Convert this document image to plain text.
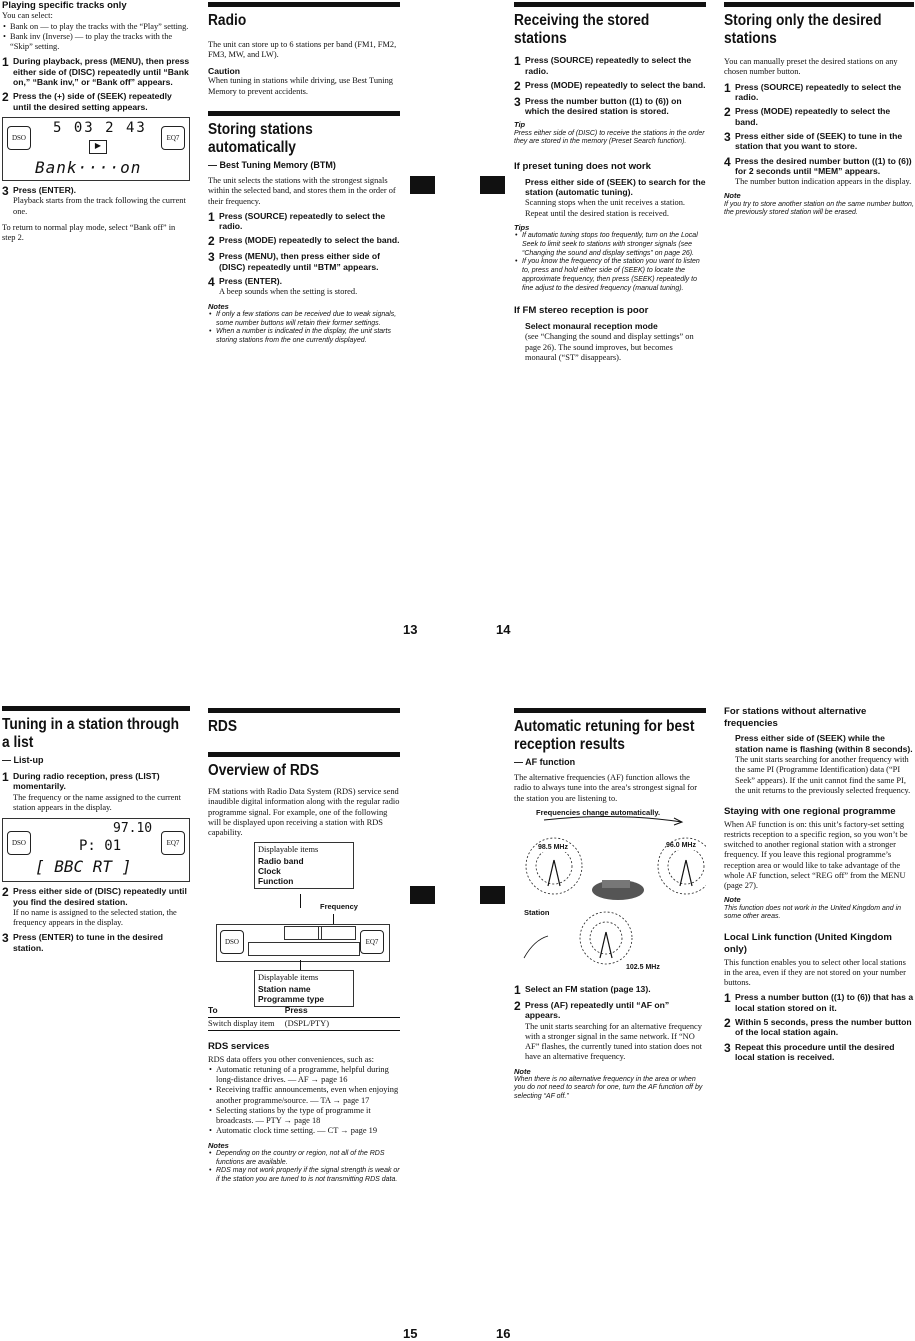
Playing specific tracks only

You can select:

• Bank on — to play the tracks with the “Play” setting.
• Bank inv (Inverse) — to play the tracks with the “Skip” setting.
1 During playback, press (MENU), then press either side of (DISC) repeatedly until “Bank on,” “Bank inv,” or “Bank off” appears.
2 Press the (+) side of (SEEK) repeatedly until the desired setting appears.
DSO	EQ7
5 03 2 43
▶
Bank····on
3 Press (ENTER).
Playback starts from the track following the current one.

To return to normal play mode, select “Bank off” in step 2.

Radio

The unit can store up to 6 stations per band (FM1, FM2, FM3, MW, and LW).

Caution

When tuning in stations while driving, use Best Tuning Memory to prevent accidents.

Storing stations automatically
— Best Tuning Memory (BTM)

The unit selects the stations with the strongest signals within the selected band, and stores them in the order of their frequency.

1 Press (SOURCE) repeatedly to select the radio.
2 Press (MODE) repeatedly to select the band.
3 Press (MENU), then press either side of (DISC) repeatedly until “BTM” appears.
4 Press (ENTER).
A beep sounds when the setting is stored.
Notes
• If only a few stations can be received due to weak signals, some number buttons will retain their former settings.
• When a number is indicated in the display, the unit starts storing stations from the one currently displayed.
Receiving the stored stations
1 Press (SOURCE) repeatedly to select the radio.
2 Press (MODE) repeatedly to select the band.
3 Press the number button ((1) to (6)) on which the desired station is stored.
Tip
Press either side of (DISC) to receive the stations in the order they are stored in the memory (Preset Search function).
If preset tuning does not work
Press either side of (SEEK) to search for the station (automatic tuning).
Scanning stops when the unit receives a station. Repeat until the desired station is received.
Tips
• If automatic tuning stops too frequently, turn on the Local Seek to limit seek to stations with stronger signals (see “Changing the sound and display settings” on page 26).
• If you know the frequency of the station you want to listen to, press and hold either side of (SEEK) to locate the approximate frequency, then press (SEEK) repeatedly to fine adjust to the desired frequency (manual tuning).
If FM stereo reception is poor
Select monaural reception mode
(see “Changing the sound and display settings” on page 26). The sound improves, but becomes monaural (“ST” disappears).
Storing only the desired stations

You can manually preset the desired stations on any chosen number button.

1 Press (SOURCE) repeatedly to select the radio.
2 Press (MODE) repeatedly to select the band.
3 Press either side of (SEEK) to tune in the station that you want to store.
4 Press the desired number button ((1) to (6)) for 2 seconds until “MEM” appears.
The number button indication appears in the display.
Note
If you try to store another station on the same number button, the previously stored station will be erased.
13	14
Tuning in a station through a list
— List-up
1 During radio reception, press (LIST) momentarily.
The frequency or the name assigned to the current station appears in the display.
DSO	EQ7
97.10
P: 01
[ BBC RT ]
2 Press either side of (DISC) repeatedly until you find the desired station.
If no name is assigned to the selected station, the frequency appears in the display.
3 Press (ENTER) to tune in the desired station.
RDS
Overview of RDS

FM stations with Radio Data System (RDS) service send inaudible digital information along with the regular radio programme signal. For example, one of the following will be displayed upon receiving a station with RDS capability.

Displayable items
Radio band
Clock
Function
Frequency
DSO	EQ7
Displayable items
Station name
Programme type
To	Press
Switch display item	(DSPL/PTY)
RDS services

RDS data offers you other conveniences, such as:

• Automatic retuning of a programme, helpful during long-distance drives. — AF → page 16
• Receiving traffic announcements, even when enjoying another programme/source. — TA → page 17
• Selecting stations by the type of programme it broadcasts. — PTY → page 18
• Automatic clock time setting. — CT → page 19
Notes
• Depending on the country or region, not all of the RDS functions are available.
• RDS may not work properly if the signal strength is weak or if the station you are tuned to is not transmitting RDS data.
Automatic retuning for best reception results
— AF function

The alternative frequencies (AF) function allows the radio to always tune into the area’s strongest signal for the station you are listening to.

Frequencies change automatically.
98.5 MHz	96.0 MHz
Station
102.5 MHz
1 Select an FM station (page 13).
2 Press (AF) repeatedly until “AF on” appears.
The unit starts searching for an alternative frequency with a stronger signal in the same network. If “NO AF” flashes, the currently tuned into station does not have an alternative frequency.
Note
When there is no alternative frequency in the area or when you do not need to search for one, turn the AF function off by selecting “AF off.”
For stations without alternative frequencies
Press either side of (SEEK) while the station name is flashing (within 8 seconds).
The unit starts searching for another frequency with the same PI (Programme Identification) data (“PI Seek” appears). If the unit cannot find the same PI, the unit returns to the previously selected frequency.
Staying with one regional programme

When AF function is on: this unit’s factory-set setting restricts reception to a specific region, so you won’t be switched to another regional station with a stronger frequency. If you leave this regional programme’s reception area or would like to take advantage of the whole AF function, select “REG off” from the MENU (page 27).

Note
This function does not work in the United Kingdom and in some other areas.
Local Link function (United Kingdom only)

This function enables you to select other local stations in the area, even if they are not stored on your number buttons.

1 Press a number button ((1) to (6)) that has a local station stored on it.
2 Within 5 seconds, press the number button of the local station again.
3 Repeat this procedure until the desired local station is received.
15	16
